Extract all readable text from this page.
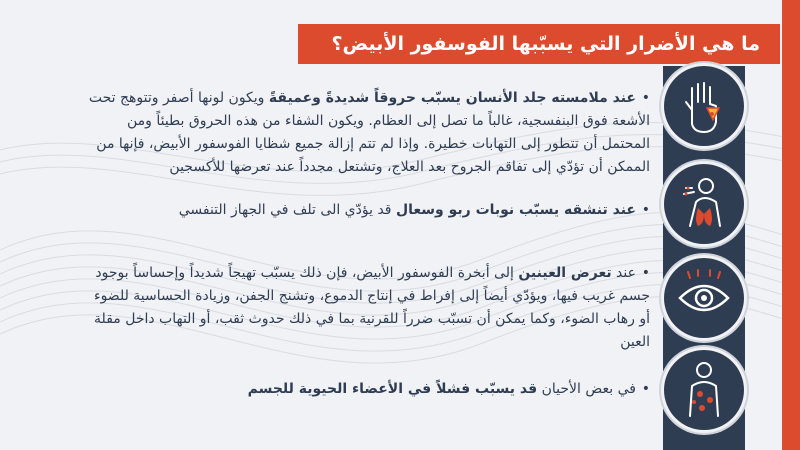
ما هي الأضرار التي يسبّبها الفوسفور الأبيض؟

•عند ملامسته جلد الأنسان يسبّب حروقاً شديدةً وعميقةً ويكون لونها أصفر وتتوهج تحت الأشعة فوق البنفسجية، غالباً ما تصل إلى العظام. ويكون الشفاء من هذه الحروق بطيئاً ومن المحتمل أن تتطور إلى التهابات خطيرة. وإذا لم تتم إزالة جميع شظايا الفوسفور الأبيض، فإنها من الممكن أن تؤدّي إلى تفاقم الجروح بعد العلاج، وتشتعل مجدداً عند تعرضها للأكسجين

•عند تنشقه يسبّب نوبات ربو وسعال قد يؤدّي الى تلف في الجهاز التنفسي

•عند تعرض العينين إلى أبخرة الفوسفور الأبيض، فإن ذلك يسبّب تهيجاً شديداً وإحساساً بوجود جسم غريب فيها، ويؤدّي أيضاً إلى إفراط في إنتاج الدموع، وتشنج الجفن، وزيادة الحساسية للضوء أو رهاب الضوء، وكما يمكن أن تسبّب ضرراً للقرنية بما في ذلك حدوث ثقب، أو التهاب داخل مقلة العين

•في بعض الأحيان قد يسبّب فشلاً في الأعضاء الحيوية للجسم
